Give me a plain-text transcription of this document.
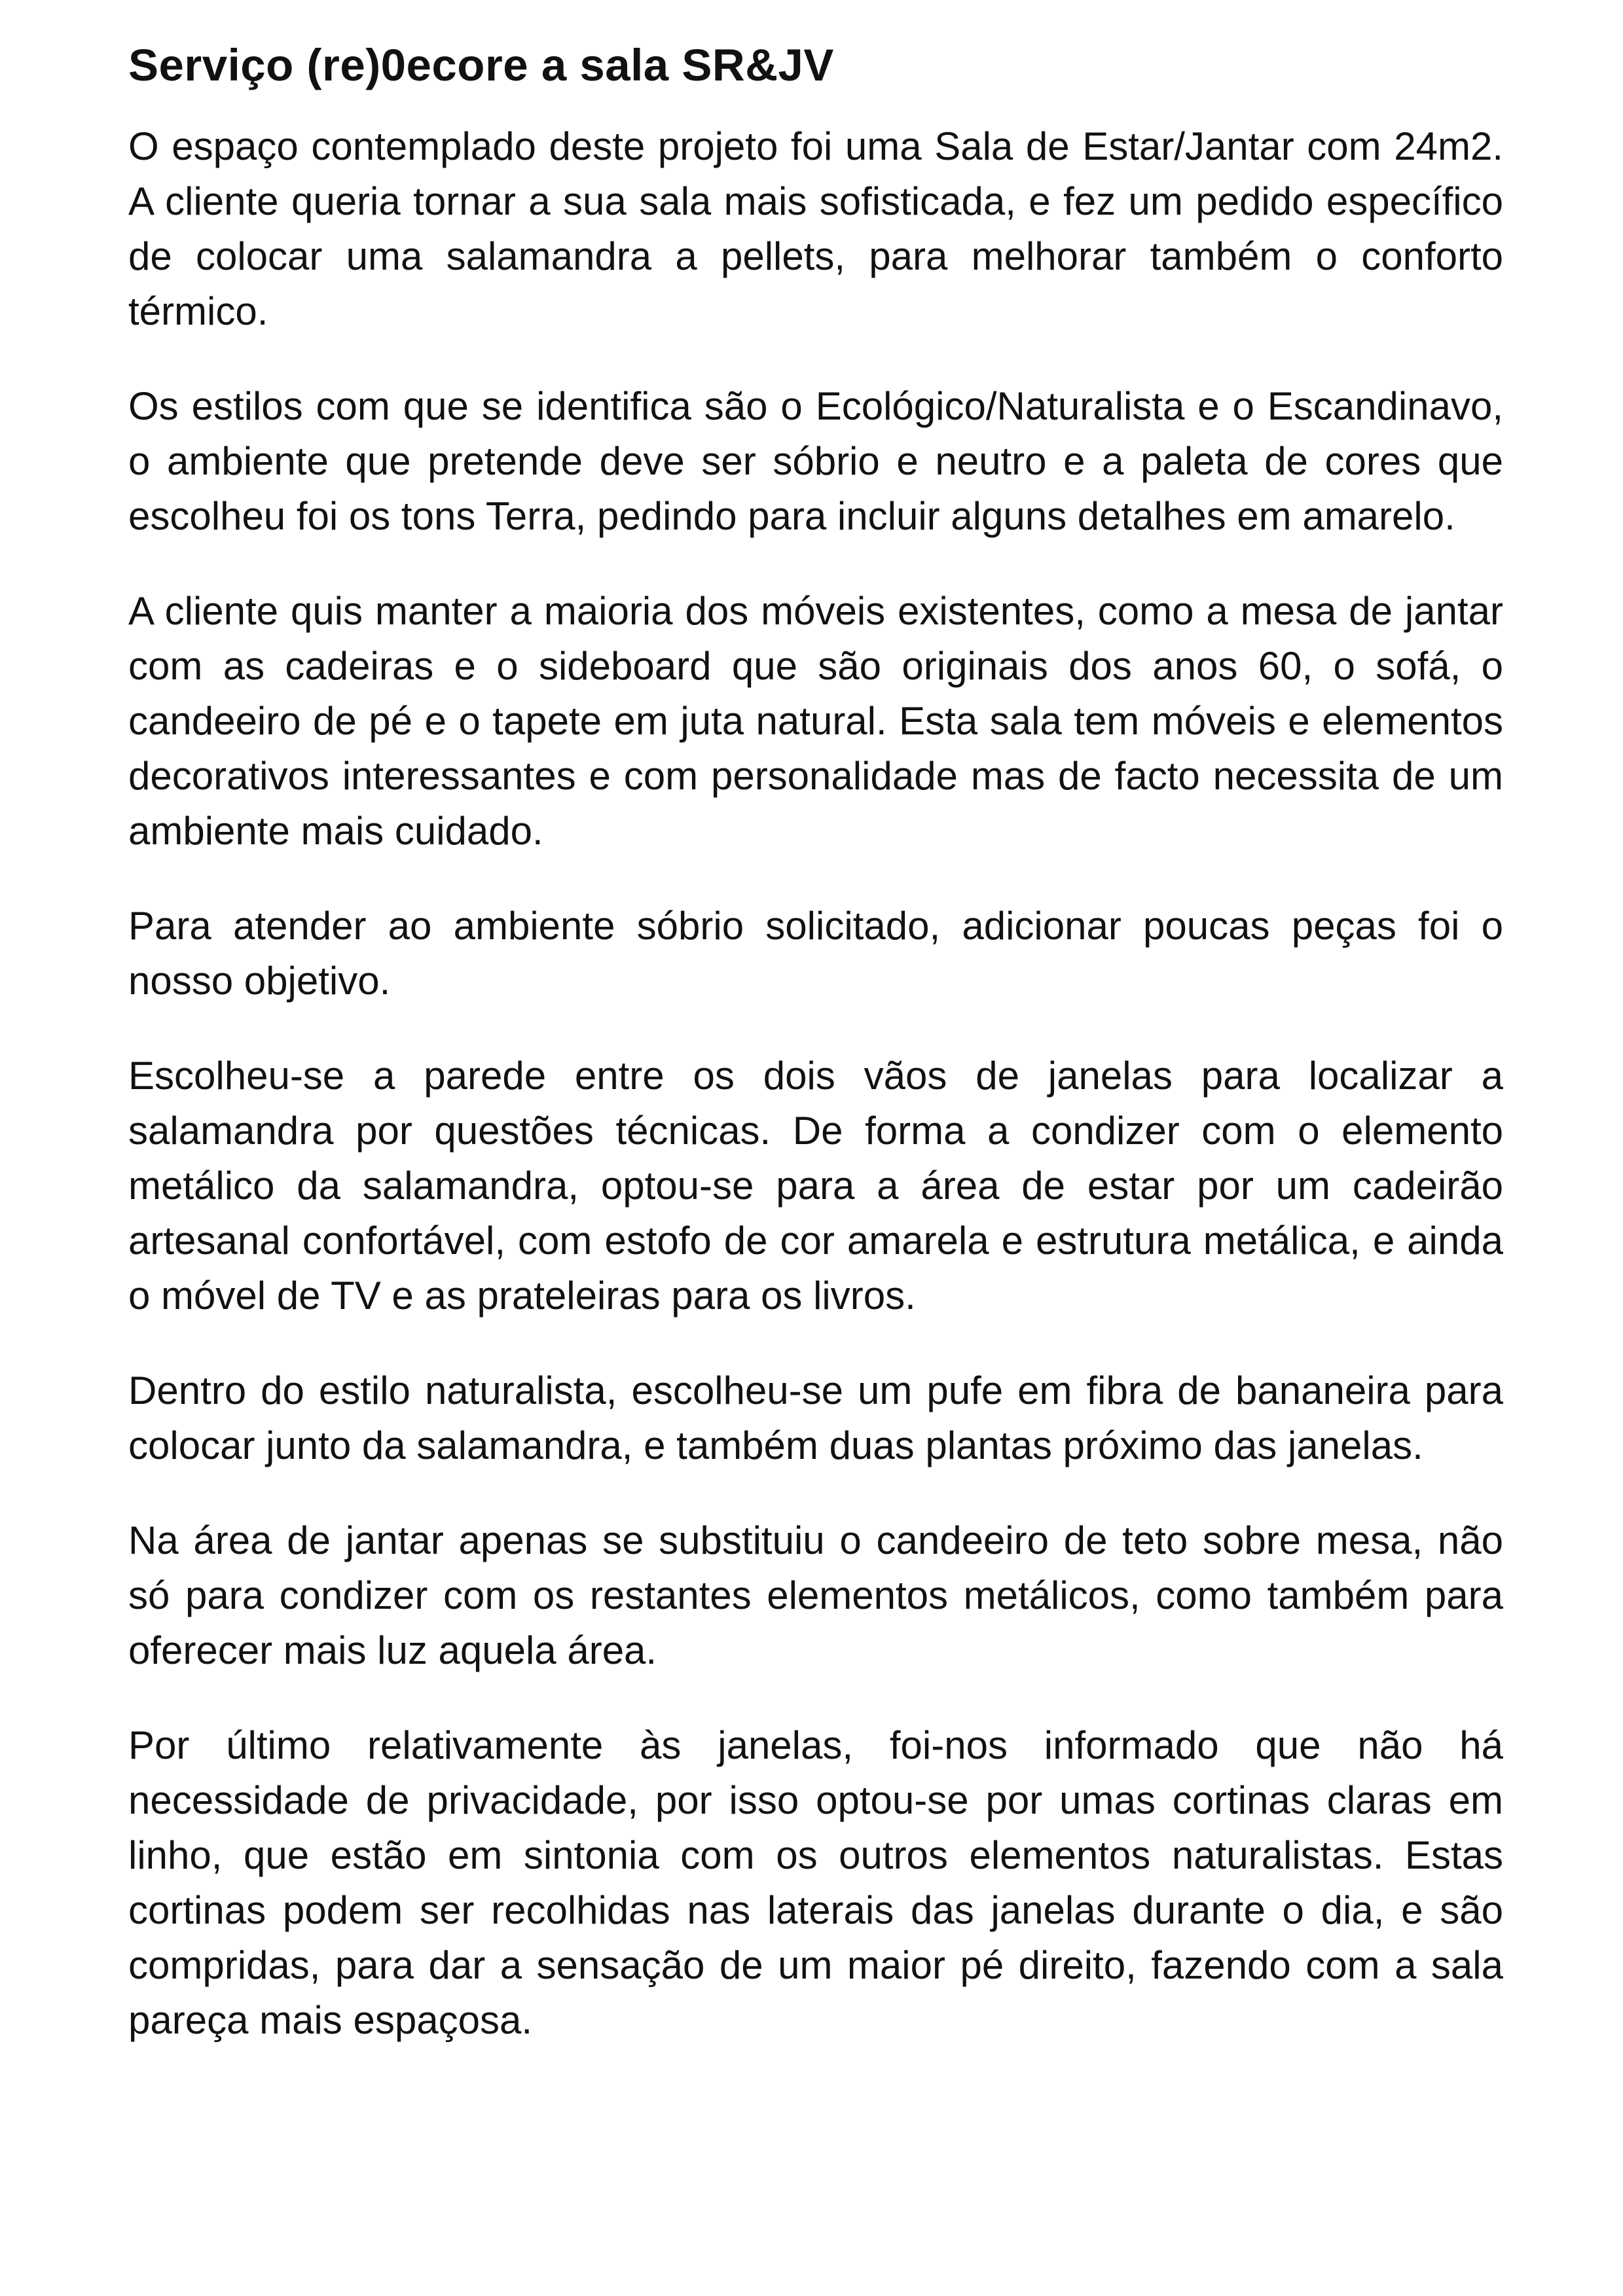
Serviço (re)0ecore a sala SR&JV

O espaço contemplado deste projeto foi uma Sala de Estar/Jantar com 24m2. A cliente queria tornar a sua sala mais sofisticada, e fez um pedido específico de colocar uma salamandra a pellets, para melhorar também o conforto térmico.

Os estilos com que se identifica são o Ecológico/Naturalista e o Escandinavo, o ambiente que pretende deve ser sóbrio e neutro e a paleta de cores que escolheu foi os tons Terra, pedindo para incluir alguns detalhes em amarelo.

A cliente quis manter a maioria dos móveis existentes, como a mesa de jantar com as cadeiras e o sideboard que são originais dos anos 60, o sofá, o candeeiro de pé e o tapete em juta natural. Esta sala tem móveis e elementos decorativos interessantes e com personalidade mas de facto necessita de um ambiente mais cuidado.

Para atender ao ambiente sóbrio solicitado, adicionar poucas peças foi o nosso objetivo.

Escolheu-se a parede entre os dois vãos de janelas para localizar a salamandra por questões técnicas. De forma a condizer com o elemento metálico da salamandra, optou-se para a área de estar por um cadeirão artesanal confortável, com estofo de cor amarela e estrutura metálica, e ainda o móvel de TV e as prateleiras para os livros.

Dentro do estilo naturalista, escolheu-se um pufe em fibra de bananeira para colocar junto da salamandra, e também duas plantas próximo das janelas.

Na área de jantar apenas se substituiu o candeeiro de teto sobre mesa, não só para condizer com os restantes elementos metálicos, como também para oferecer mais luz aquela área.

Por último relativamente às janelas, foi-nos informado que não há necessidade de privacidade, por isso optou-se por umas cortinas claras em linho, que estão em sintonia com os outros elementos naturalistas. Estas cortinas podem ser recolhidas nas laterais das janelas durante o dia, e são compridas, para dar a sensação de um maior pé direito, fazendo com a sala pareça mais espaçosa.
